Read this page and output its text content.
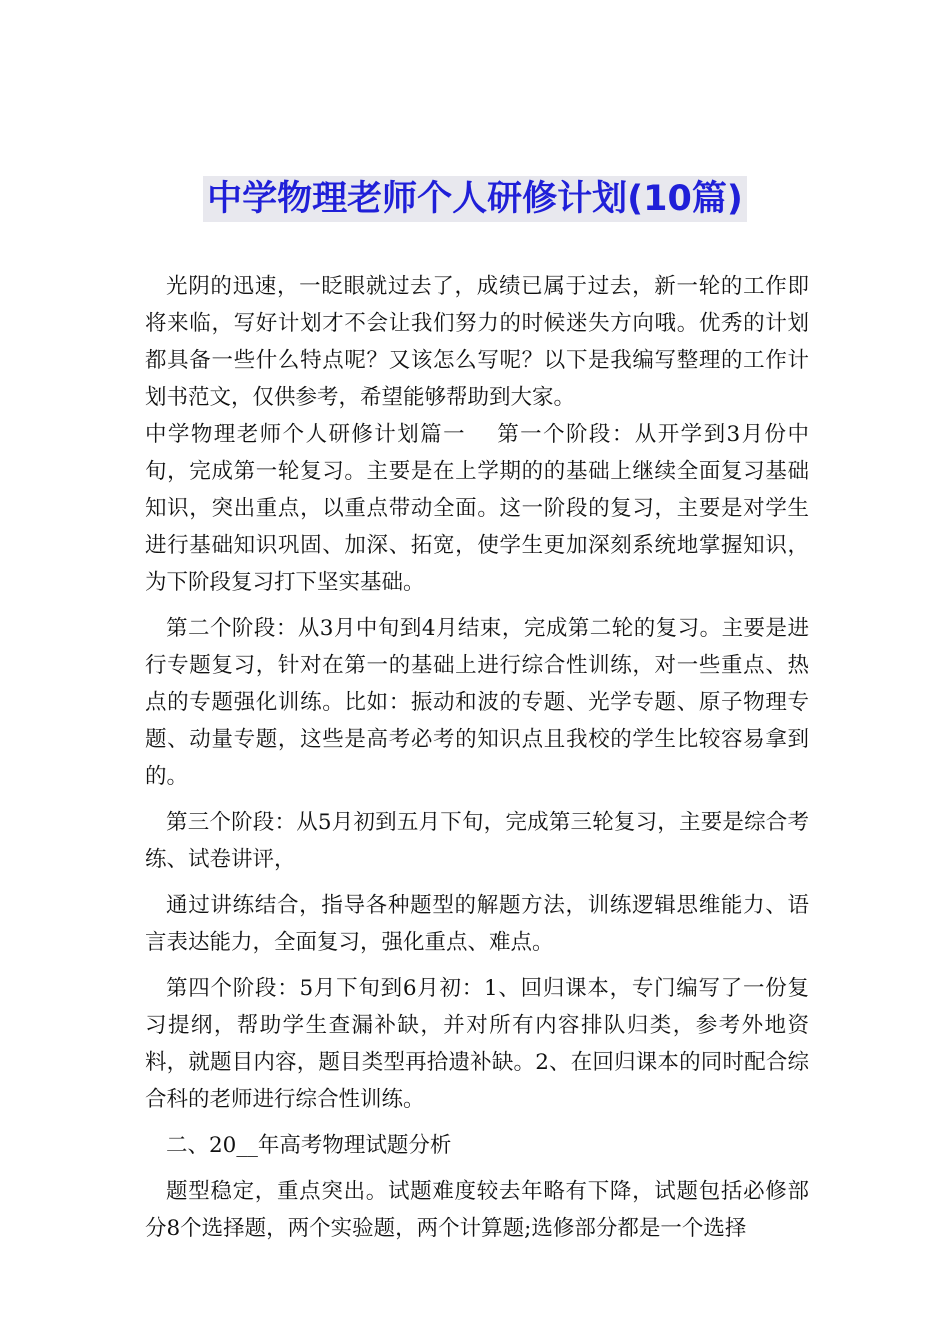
中学物理老师个人研修计划(10篇)

光阴的迅速，一眨眼就过去了，成绩已属于过去，新一轮的工作即将来临，写好计划才不会让我们努力的时候迷失方向哦。优秀的计划都具备一些什么特点呢？又该怎么写呢？以下是我编写整理的工作计划书范文，仅供参考，希望能够帮助到大家。

中学物理老师个人研修计划篇一　 第一个阶段：从开学到3月份中旬，完成第一轮复习。主要是在上学期的的基础上继续全面复习基础知识，突出重点，以重点带动全面。这一阶段的复习，主要是对学生进行基础知识巩固、加深、拓宽，使学生更加深刻系统地掌握知识，为下阶段复习打下坚实基础。

第二个阶段：从3月中旬到4月结束，完成第二轮的复习。主要是进行专题复习，针对在第一的基础上进行综合性训练，对一些重点、热点的专题强化训练。比如：振动和波的专题、光学专题、原子物理专题、动量专题，这些是高考必考的知识点且我校的学生比较容易拿到的。

第三个阶段：从5月初到五月下旬，完成第三轮复习，主要是综合考练、试卷讲评，

通过讲练结合，指导各种题型的解题方法，训练逻辑思维能力、语言表达能力，全面复习，强化重点、难点。

第四个阶段：5月下旬到6月初：1、回归课本，专门编写了一份复习提纲，帮助学生查漏补缺，并对所有内容排队归类，参考外地资料，就题目内容，题目类型再拾遗补缺。2、在回归课本的同时配合综合科的老师进行综合性训练。

二、20__年高考物理试题分析

题型稳定，重点突出。试题难度较去年略有下降，试题包括必修部分8个选择题，两个实验题，两个计算题;选修部分都是一个选择
